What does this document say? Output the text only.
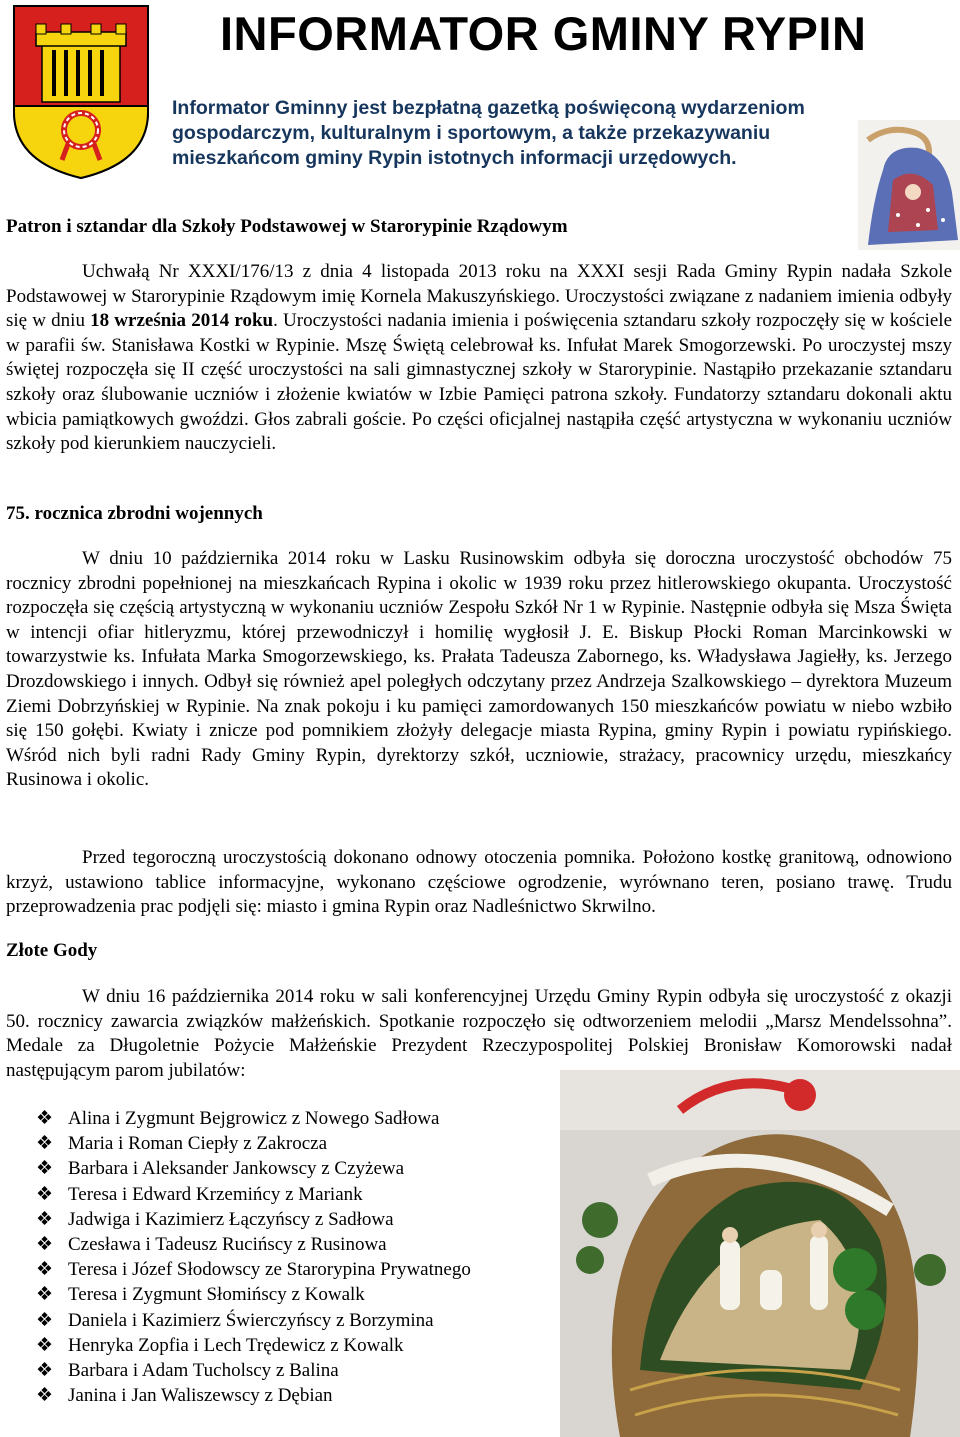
INFORMATOR GMINY RYPIN
Informator Gminny jest bezpłatną gazetką poświęconą wydarzeniom gospodarczym, kulturalnym i sportowym, a także przekazywaniu mieszkańcom gminy Rypin istotnych informacji urzędowych.
Patron i sztandar dla Szkoły Podstawowej w Starorypinie Rządowym

Uchwałą Nr XXXI/176/13 z dnia 4 listopada 2013 roku na XXXI sesji Rada Gminy Rypin nadała Szkole Podstawowej w Starorypinie Rządowym imię Kornela Makuszyńskiego. Uroczystości związane z nadaniem imienia odbyły się w dniu 18 września 2014 roku. Uroczystości nadania imienia i poświęcenia sztandaru szkoły rozpoczęły się w kościele w parafii św. Stanisława Kostki w Rypinie. Mszę Świętą celebrował ks. Infułat Marek Smogorzewski. Po uroczystej mszy świętej rozpoczęła się II część uroczystości na sali gimnastycznej szkoły w Starorypinie. Nastąpiło przekazanie sztandaru szkoły oraz ślubowanie uczniów i złożenie kwiatów w Izbie Pamięci patrona szkoły. Fundatorzy sztandaru dokonali aktu wbicia pamiątkowych gwoździ. Głos zabrali goście. Po części oficjalnej nastąpiła część artystyczna w wykonaniu uczniów szkoły pod kierunkiem nauczycieli.

75. rocznica zbrodni wojennych

W dniu 10 października 2014 roku w Lasku Rusinowskim odbyła się doroczna uroczystość obchodów 75 rocznicy zbrodni popełnionej na mieszkańcach Rypina i okolic w 1939 roku przez hitlerowskiego okupanta. Uroczystość rozpoczęła się częścią artystyczną w wykonaniu uczniów Zespołu Szkół Nr 1 w Rypinie. Następnie odbyła się Msza Święta w intencji ofiar hitleryzmu, której przewodniczył i homilię wygłosił J. E. Biskup Płocki Roman Marcinkowski w towarzystwie ks. Infułata Marka Smogorzewskiego, ks. Prałata Tadeusza Zabornego, ks. Władysława Jagiełły, ks. Jerzego Drozdowskiego i innych. Odbył się również apel poległych odczytany przez Andrzeja Szalkowskiego – dyrektora Muzeum Ziemi Dobrzyńskiej w Rypinie. Na znak pokoju i ku pamięci zamordowanych 150 mieszkańców powiatu w niebo wzbiło się 150 gołębi. Kwiaty i znicze pod pomnikiem złożyły delegacje miasta Rypina, gminy Rypin i powiatu rypińskiego. Wśród nich byli radni Rady Gminy Rypin, dyrektorzy szkół, uczniowie, strażacy, pracownicy urzędu, mieszkańcy Rusinowa i okolic.

Przed tegoroczną uroczystością dokonano odnowy otoczenia pomnika. Położono kostkę granitową, odnowiono krzyż, ustawiono tablice informacyjne, wykonano częściowe ogrodzenie, wyrównano teren, posiano trawę. Trudu przeprowadzenia prac podjęli się: miasto i gmina Rypin oraz Nadleśnictwo Skrwilno.

Złote Gody

W dniu 16 października 2014 roku w sali konferencyjnej Urzędu Gminy Rypin odbyła się uroczystość z okazji 50. rocznicy zawarcia związków małżeńskich. Spotkanie rozpoczęło się odtworzeniem melodii „Marsz Mendelssohna”. Medale za Długoletnie Pożycie Małżeńskie Prezydent Rzeczypospolitej Polskiej Bronisław Komorowski nadał następującym parom jubilatów:

❖ Alina i Zygmunt Bejgrowicz z Nowego Sadłowa
❖ Maria i Roman Ciepły z Zakrocza
❖ Barbara i Aleksander Jankowscy z Czyżewa
❖ Teresa i Edward Krzemińcy z Mariank
❖ Jadwiga i Kazimierz Łączyńscy z Sadłowa
❖ Czesława i Tadeusz Rucińscy z Rusinowa
❖ Teresa i Józef Słodowscy ze Starorypina Prywatnego
❖ Teresa i Zygmunt Słomińscy z Kowalk
❖ Daniela i Kazimierz Świerczyńscy z Borzymina
❖ Henryka Zopfia i Lech Trędewicz z Kowalk
❖ Barbara i Adam Tucholscy z Balina
❖ Janina i Jan Waliszewscy z Dębian
